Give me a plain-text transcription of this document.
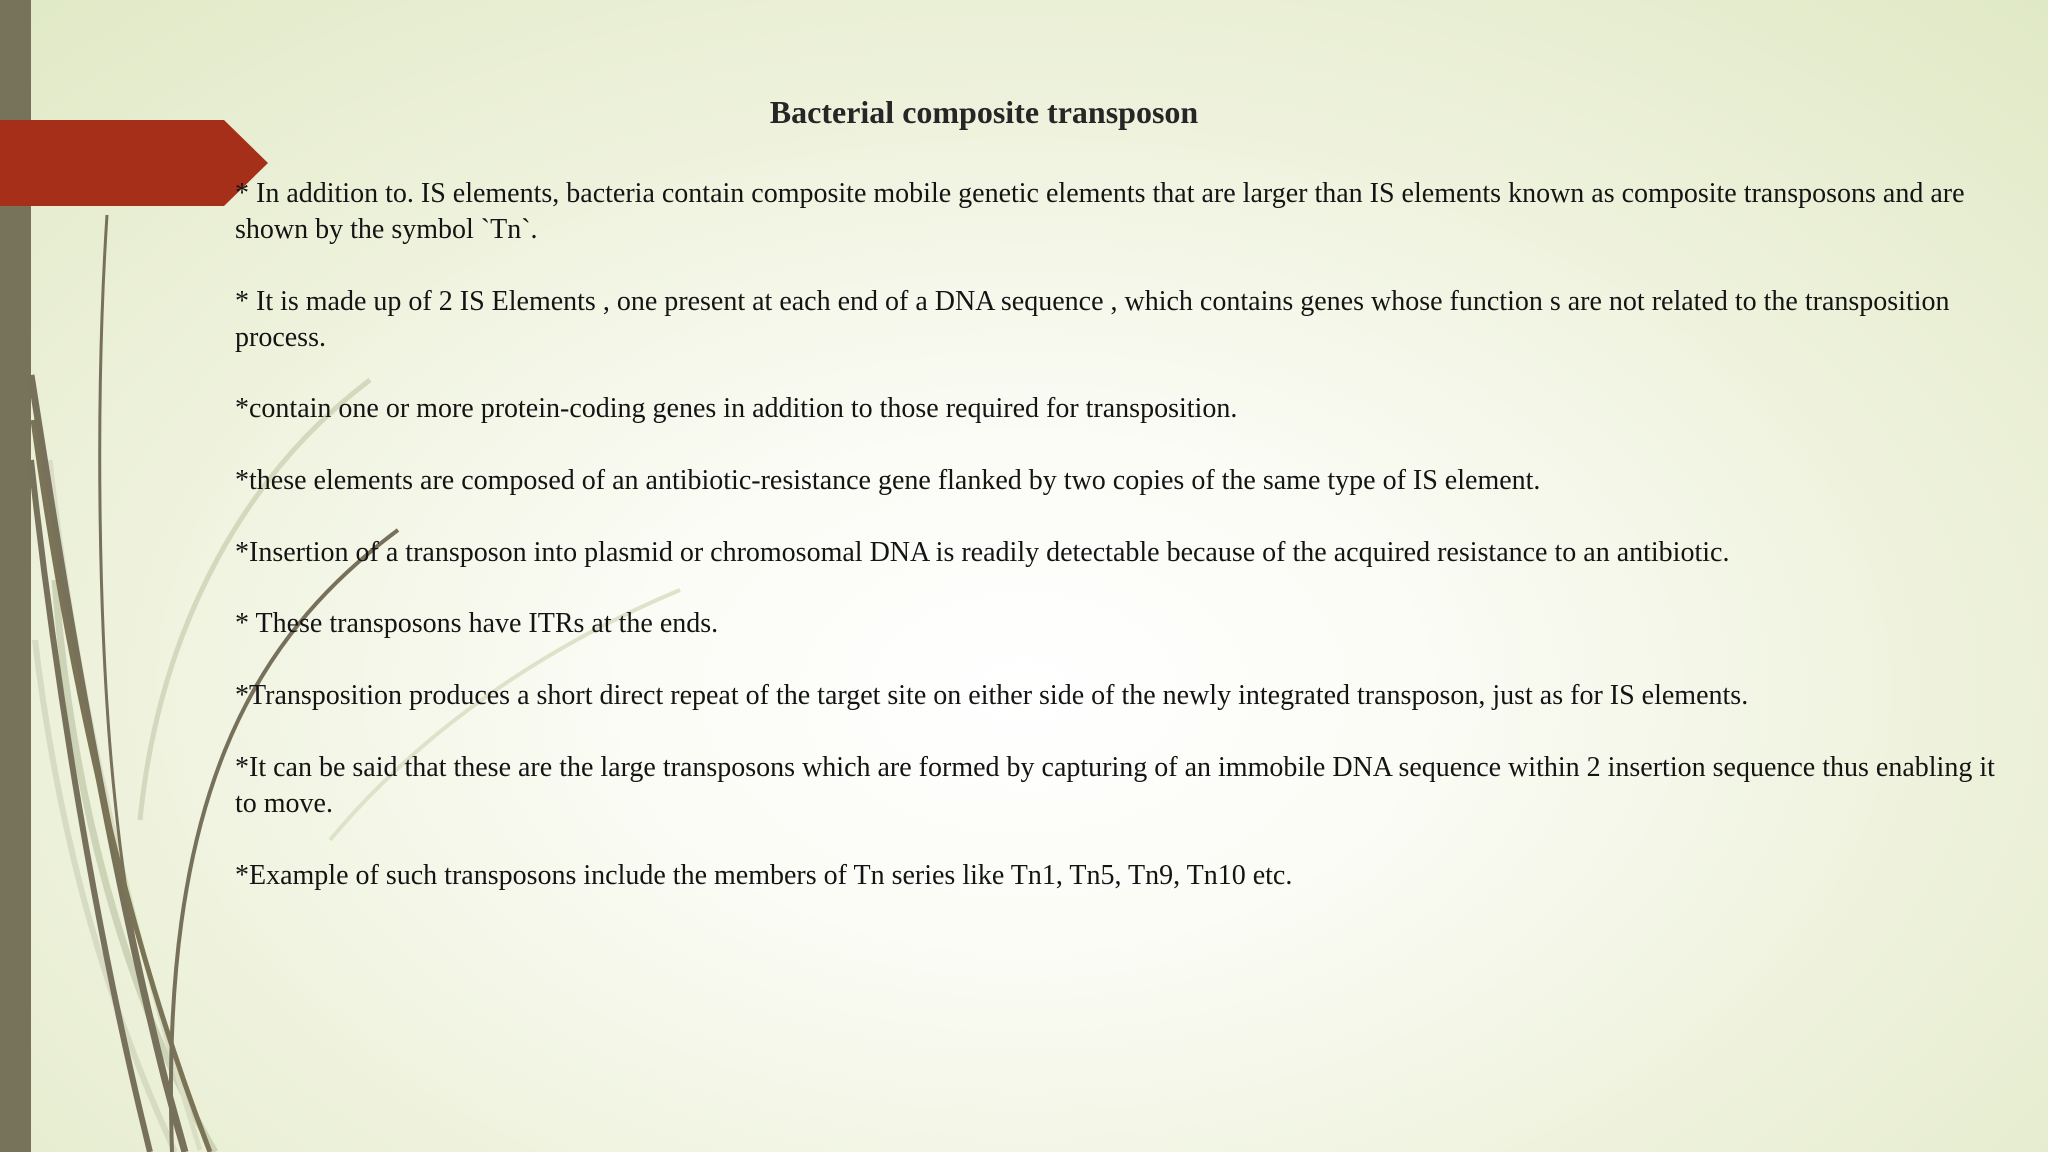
Bacterial composite transposon
* In addition to. IS elements, bacteria contain composite mobile genetic elements that are larger than IS elements known as composite transposons and are shown by the symbol `Tn`.
* It is made up of 2 IS Elements , one present at each end of a DNA sequence , which contains genes whose function s are not related to the transposition process.
*contain one or more protein-coding genes in addition to those required for transposition.
*these elements are composed of an antibiotic-resistance gene flanked by two copies of the same type of IS element.
*Insertion of a transposon into plasmid or chromosomal DNA is readily detectable because of the acquired resistance to an antibiotic.
* These transposons have ITRs at the ends.
*Transposition produces a short direct repeat of the target site on either side of the newly integrated transposon, just as for IS elements.
*It can be said that these are the large transposons which are formed by capturing of an immobile DNA sequence within 2 insertion sequence thus enabling it to move.
*Example of such transposons include the members of Tn series like Tn1, Tn5, Tn9, Tn10 etc.
